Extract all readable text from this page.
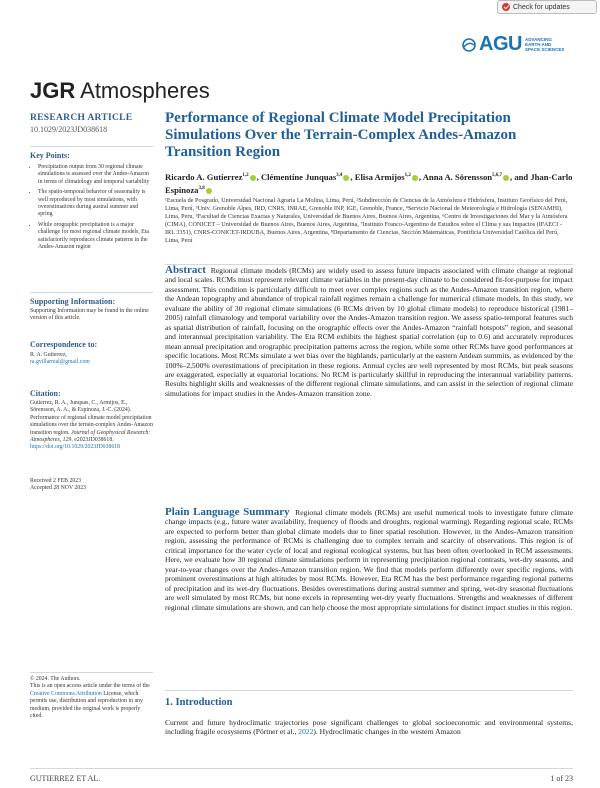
Check for updates
AGU ADVANCING
EARTH AND
SPACE SCIENCES
JGR Atmospheres
RESEARCH ARTICLE
10.1029/2023JD038618
Key Points:
• Precipitation output from 30 regional climate simulations is assessed over the Andes-Amazon in terms of climatology and temporal variability
• The spatio-temporal behavior of seasonality is well reproduced by most simulations, with overestimations during austral summer and spring
• While orographic precipitation is a major challenge for most regional climate models, Eta satisfactorily reproduces climate patterns in the Andes-Amazon region
Supporting Information:
Supporting Information may be found in the online version of this article.
Correspondence to:
R. A. Gutierrez,
ra.gvillarreal@gmail.com
Citation:
Gutierrez, R. A., Junquas, C., Armijos, E., Sörensson, A. A., & Espinoza, J.-C. (2024). Performance of regional climate model precipitation simulations over the terrain-complex Andes-Amazon transition region. Journal of Geophysical Research: Atmospheres, 129, e2023JD038618. https://doi.org/10.1029/2023JD038618
Received 2 FEB 2023
Accepted 28 NOV 2023
© 2024. The Authors.
This is an open access article under the terms of the Creative Commons Attribution License, which permits use, distribution and reproduction in any medium, provided the original work is properly cited.
Performance of Regional Climate Model Precipitation Simulations Over the Terrain-Complex Andes-Amazon Transition Region
Ricardo A. Gutierrez$^{1,2}$ , Clémentine Junquas$^{3,4}$ , Elisa Armijos$^{1,2}$ , Anna A. Sörensson$^{5,6,7}$ , and Jhan-Carlo Espinoza$^{3,8}$
¹Escuela de Posgrado, Universidad Nacional Agraria La Molina, Lima, Perú, ²Subdirección de Ciencias de la Atmósfera e Hidrósfera, Instituto Geofísico del Perú, Lima, Perú, ³Univ. Grenoble Alpes, IRD, CNRS, INRAE, Grenoble INP, IGE, Grenoble, France, ⁴Servicio Nacional de Meteorología e Hidrología (SENAMHI), Lima, Peru, ⁵Facultad de Ciencias Exactas y Naturales, Universidad de Buenos Aires, Buenos Aires, Argentina, ⁶Centro de Investigaciones del Mar y la Atmósfera (CIMA), CONICET – Universidad de Buenos Aires, Buenos Aires, Argentina, ⁷Instituto Franco-Argentino de Estudios sobre el Clima y sus Impactos (IFAECI - IRL 3351), CNRS-CONICET-IRDUBA, Buenos Aires, Argentina, ⁸Departamento de Ciencias, Sección Matemáticas, Pontificia Universidad Católica del Perú, Lima, Perú
Abstract Regional climate models (RCMs) are widely used to assess future impacts associated with climate change at regional and local scales. RCMs must represent relevant climate variables in the present-day climate to be considered fit-for-purpose for impact assessment. This condition is particularly difficult to meet over complex regions such as the Andes-Amazon transition region, where the Andean topography and abundance of tropical rainfall regimes remain a challenge for numerical climate models. In this study, we evaluate the ability of 30 regional climate simulations (6 RCMs driven by 10 global climate models) to reproduce historical (1981–2005) rainfall climatology and temporal variability over the Andes-Amazon transition region. We assess spatio-temporal features such as spatial distribution of rainfall, focusing on the orographic effects over the Andes-Amazon “rainfall hotspots” region, and seasonal and interannual precipitation variability. The Eta RCM exhibits the highest spatial correlation (up to 0.6) and accurately reproduces mean annual precipitation and orographic precipitation patterns across the region, while some other RCMs have good performances at specific locations. Most RCMs simulate a wet bias over the highlands, particularly at the eastern Andean summits, as evidenced by the 100%–2,500% overestimations of precipitation in these regions. Annual cycles are well represented by most RCMs, but peak seasons are exaggerated, especially at equatorial locations. No RCM is particularly skillful in reproducing the interannual variability patterns. Results highlight skills and weaknesses of the different regional climate simulations, and can assist in the selection of regional climate simulations for impact studies in the Andes-Amazon transition zone.
Plain Language Summary Regional climate models (RCMs) are useful numerical tools to investigate future climate change impacts (e.g., future water availability, frequency of floods and droughts, regional warming). Regarding regional scale, RCMs are expected to perform better than global climate models due to finer spatial resolution. However, in the Andes-Amazon transition region, assessing the performance of RCMs is challenging due to complex terrain and scarcity of observations. This region is of critical importance for the water cycle of local and regional ecological systems, but has been often overlooked in RCM assessments. Here, we evaluate how 30 regional climate simulations perform in representing precipitation regional contrasts, wet-dry seasons, and year-to-year changes over the Andes-Amazon transition region. We find that models perform differently over specific regions, with prominent overestimations at high altitudes by most RCMs. However, Eta RCM has the best performance regarding regional patterns of precipitation and its wet-dry fluctuations. Besides overestimations during austral summer and spring, wet-dry seasonal fluctuations are well simulated by most RCMs, but none excels in representing wet-dry yearly fluctuations. Strengths and weaknesses of different regional climate simulations are shown, and can help choose the most appropriate simulations for distinct impact studies in this region.
1. Introduction
Current and future hydroclimatic trajectories pose significant challenges to global socioeconomic and environmental systems, including fragile ecosystems (Pörtner et al., 2022). Hydroclimatic changes in the western Amazon
GUTIERREZ ET AL.	1 of 23
